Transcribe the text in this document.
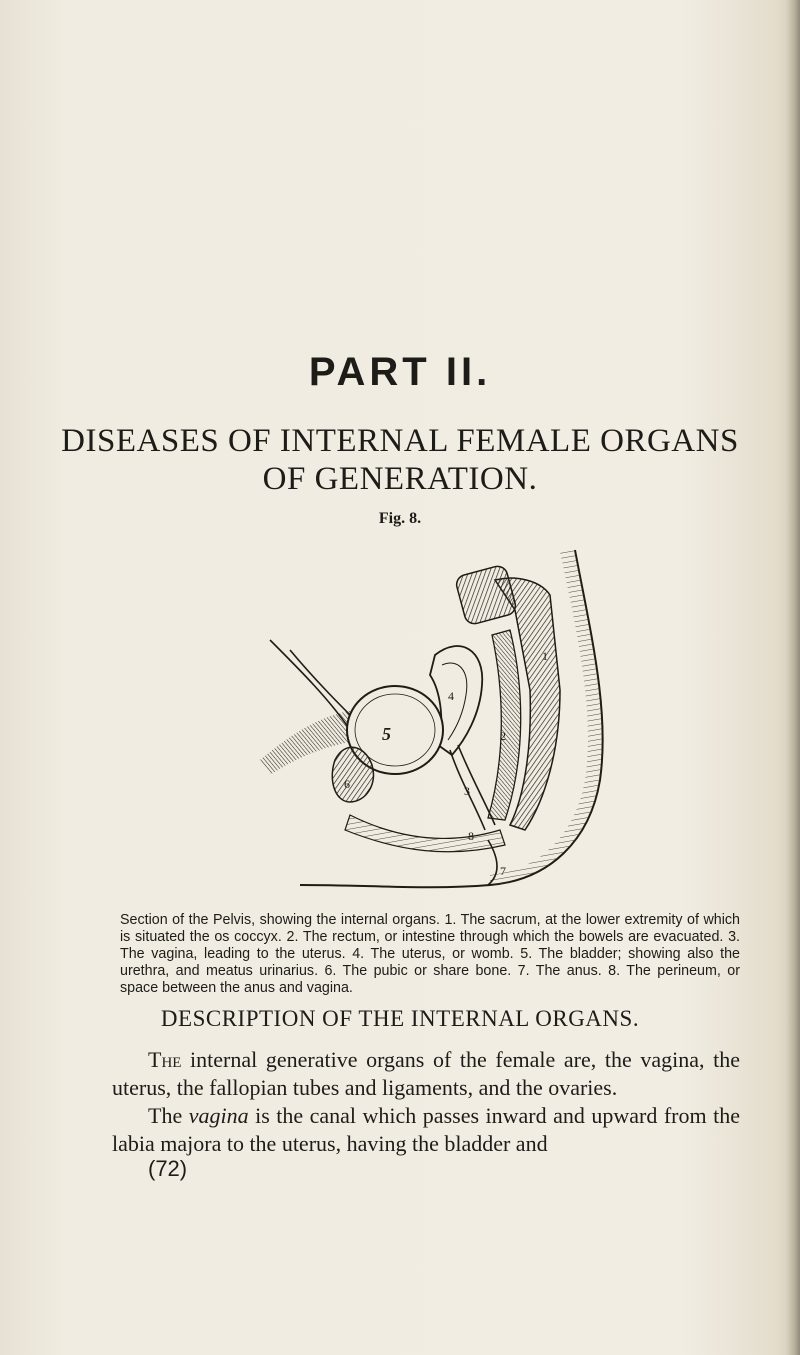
PART II.
DISEASES OF INTERNAL FEMALE ORGANS OF GENERATION.
Fig. 8.
5
4
3
2
1
6
7
8
Section of the Pelvis, showing the internal organs. 1. The sacrum, at the lower extremity of which is situated the os coccyx. 2. The rectum, or intestine through which the bowels are evacuated. 3. The vagina, leading to the uterus. 4. The uterus, or womb. 5. The bladder; showing also the urethra, and meatus urinarius. 6. The pubic or share bone. 7. The anus. 8. The perineum, or space between the anus and vagina.
DESCRIPTION OF THE INTERNAL ORGANS.

The internal generative organs of the female are, the vagina, the uterus, the fallopian tubes and ligaments, and the ovaries.

The vagina is the canal which passes inward and upward from the labia majora to the uterus, having the bladder and

(72)
